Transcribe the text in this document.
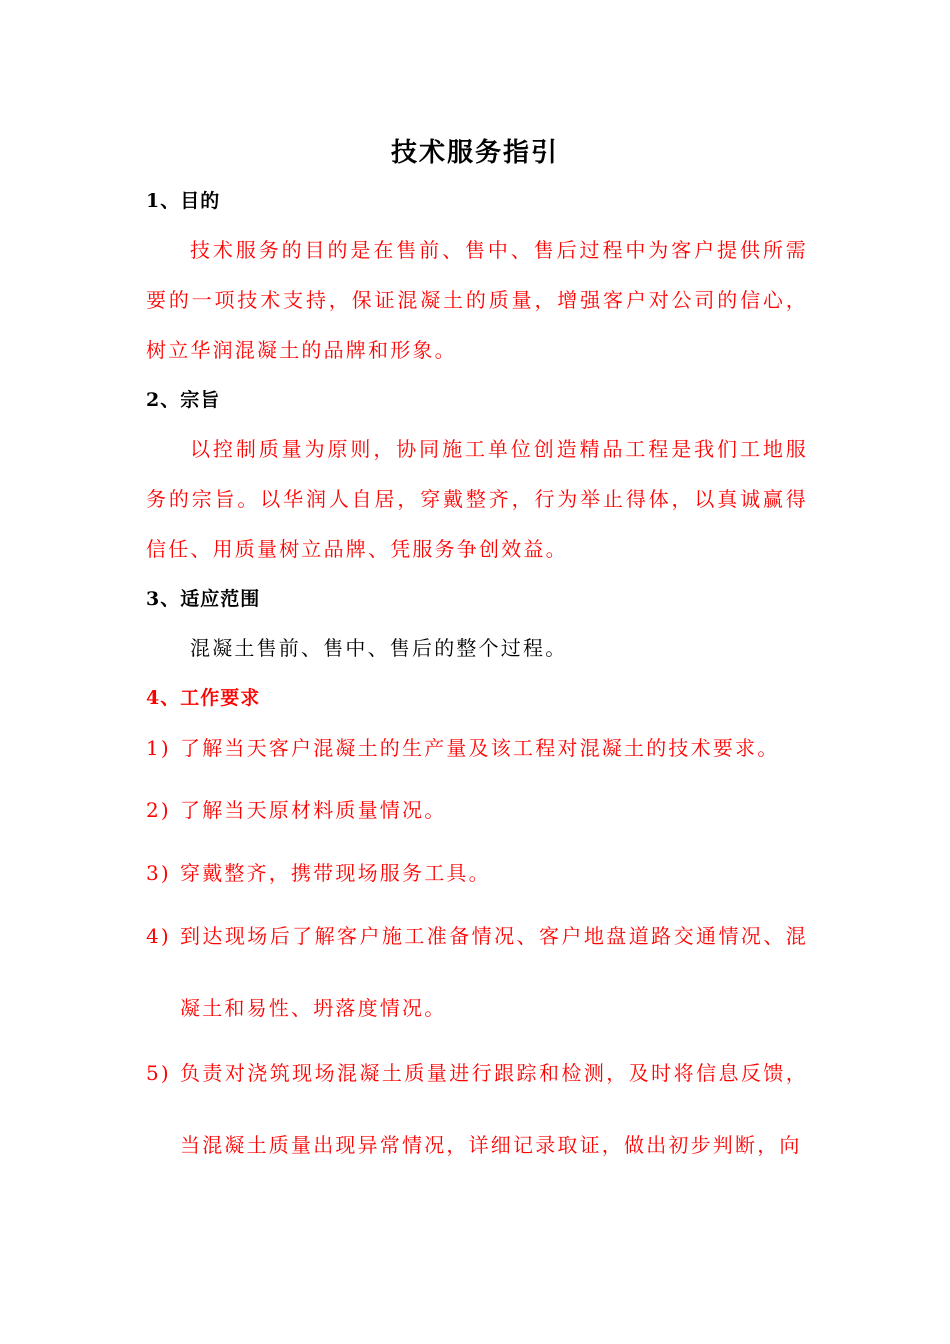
技术服务指引
1、目的

技术服务的目的是在售前、售中、售后过程中为客户提供所需要的一项技术支持，保证混凝土的质量，增强客户对公司的信心，树立华润混凝土的品牌和形象。

2、宗旨

以控制质量为原则，协同施工单位创造精品工程是我们工地服务的宗旨。以华润人自居，穿戴整齐，行为举止得体，以真诚赢得信任、用质量树立品牌、凭服务争创效益。

3、适应范围

混凝土售前、售中、售后的整个过程。

4、工作要求
1) 了解当天客户混凝土的生产量及该工程对混凝土的技术要求。
2) 了解当天原材料质量情况。
3) 穿戴整齐，携带现场服务工具。
4) 到达现场后了解客户施工准备情况、客户地盘道路交通情况、混凝土和易性、坍落度情况。
5) 负责对浇筑现场混凝土质量进行跟踪和检测，及时将信息反馈，当混凝土质量出现异常情况，详细记录取证，做出初步判断，向
